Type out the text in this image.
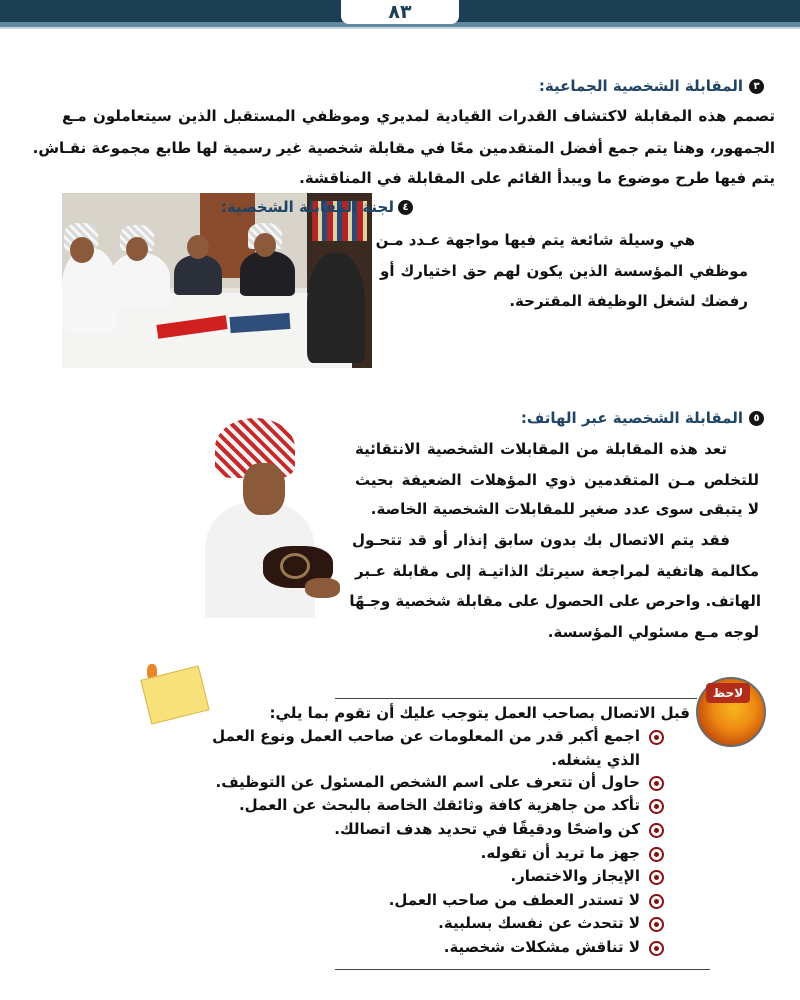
٨٣
٣
المقابلة الشخصية الجماعية:
تصمم هذه المقابلة لاكتشاف القدرات القيادية لمديري وموظفي المستقبل الذين سيتعاملون مـع
الجمهور، وهنا يتم جمع أفضل المتقدمين معًا في مقابلة شخصية غير رسمية لها طابع مجموعة نقـاش.
يتم فيها طرح موضوع ما ويبدأ القائم على المقابلة في المناقشة.
٤
لجنة المقابلة الشخصية:
هي وسيلة شائعة يتم فيها مواجهة عـدد مـن
موظفي المؤسسة الذين يكون لهم حق اختيارك أو
رفضك لشغل الوظيفة المقترحة.
٥
المقابلة الشخصية عبر الهاتف:
تعد هذه المقابلة من المقابلات الشخصية الانتقائية
للتخلص مـن المتقدمين ذوي المؤهلات الضعيفة بحيث
لا يتبقى سوى عدد صغير للمقابلات الشخصية الخاصة.
فقد يتم الاتصال بك بدون سابق إنذار أو قد تتحـول
مكالمة هاتفية لمراجعة سيرتك الذاتيـة إلى مقابلة عـبر
الهاتف. واحرص على الحصول على مقابلة شخصية وجـهًا
لوجه مـع مسئولي المؤسسة.
لاحظ
قبل الاتصال بصاحب العمل يتوجب عليك أن تقوم بما يلي:
اجمع أكبر قدر من المعلومات عن صاحب العمل ونوع العمل
الذي يشغله.
حاول أن تتعرف على اسم الشخص المسئول عن التوظيف.
تأكد من جاهزية كافة وثائقك الخاصة بالبحث عن العمل.
كن واضحًا ودقيقًا في تحديد هدف اتصالك.
جهز ما تريد أن تقوله.
الإيجاز والاختصار.
لا تستدر العطف من صاحب العمل.
لا تتحدث عن نفسك بسلبية.
لا تناقش مشكلات شخصية.
